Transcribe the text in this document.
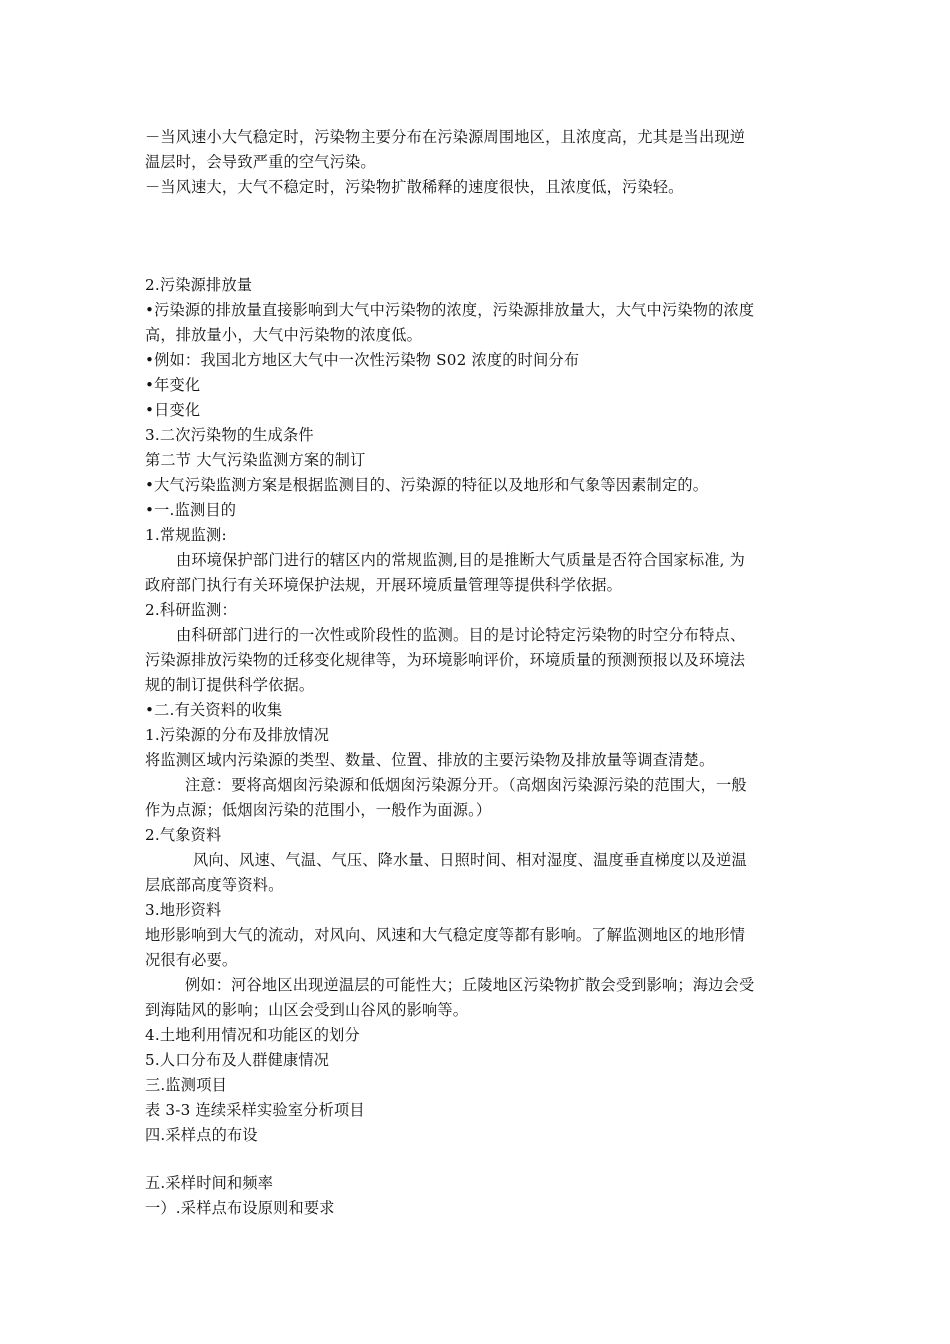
－当风速小大气稳定时，污染物主要分布在污染源周围地区，且浓度高，尤其是当出现逆
温层时，会导致严重的空气污染。
－当风速大，大气不稳定时，污染物扩散稀释的速度很快，且浓度低，污染轻。
2.污染源排放量
•污染源的排放量直接影响到大气中污染物的浓度，污染源排放量大，大气中污染物的浓度
高，排放量小，大气中污染物的浓度低。
•例如：我国北方地区大气中一次性污染物 S02 浓度的时间分布
•年变化
•日变化
3.二次污染物的生成条件
第二节 大气污染监测方案的制订
•大气污染监测方案是根据监测目的、污染源的特征以及地形和气象等因素制定的。
•一.监测目的
1.常规监测:
由环境保护部门进行的辖区内的常规监测,目的是推断大气质量是否符合国家标准, 为
政府部门执行有关环境保护法规，开展环境质量管理等提供科学依据。
2.科研监测：
由科研部门进行的一次性或阶段性的监测。目的是讨论特定污染物的时空分布特点、
污染源排放污染物的迁移变化规律等，为环境影响评价，环境质量的预测预报以及环境法
规的制订提供科学依据。
•二.有关资料的收集
1.污染源的分布及排放情况
将监测区域内污染源的类型、数量、位置、排放的主要污染物及排放量等调查清楚。
注意：要将高烟囱污染源和低烟囱污染源分开。（高烟囱污染源污染的范围大，一般
作为点源；低烟囱污染的范围小，一般作为面源。）
2.气象资料
风向、风速、气温、气压、降水量、日照时间、相对湿度、温度垂直梯度以及逆温
层底部高度等资料。
3.地形资料
地形影响到大气的流动，对风向、风速和大气稳定度等都有影响。了解监测地区的地形情
况很有必要。
例如：河谷地区出现逆温层的可能性大；丘陵地区污染物扩散会受到影响；海边会受
到海陆风的影响；山区会受到山谷风的影响等。
4.土地利用情况和功能区的划分
5.人口分布及人群健康情况
三.监测项目
表 3-3 连续采样实验室分析项目
四.采样点的布设
五.采样时间和频率
一）.采样点布设原则和要求
